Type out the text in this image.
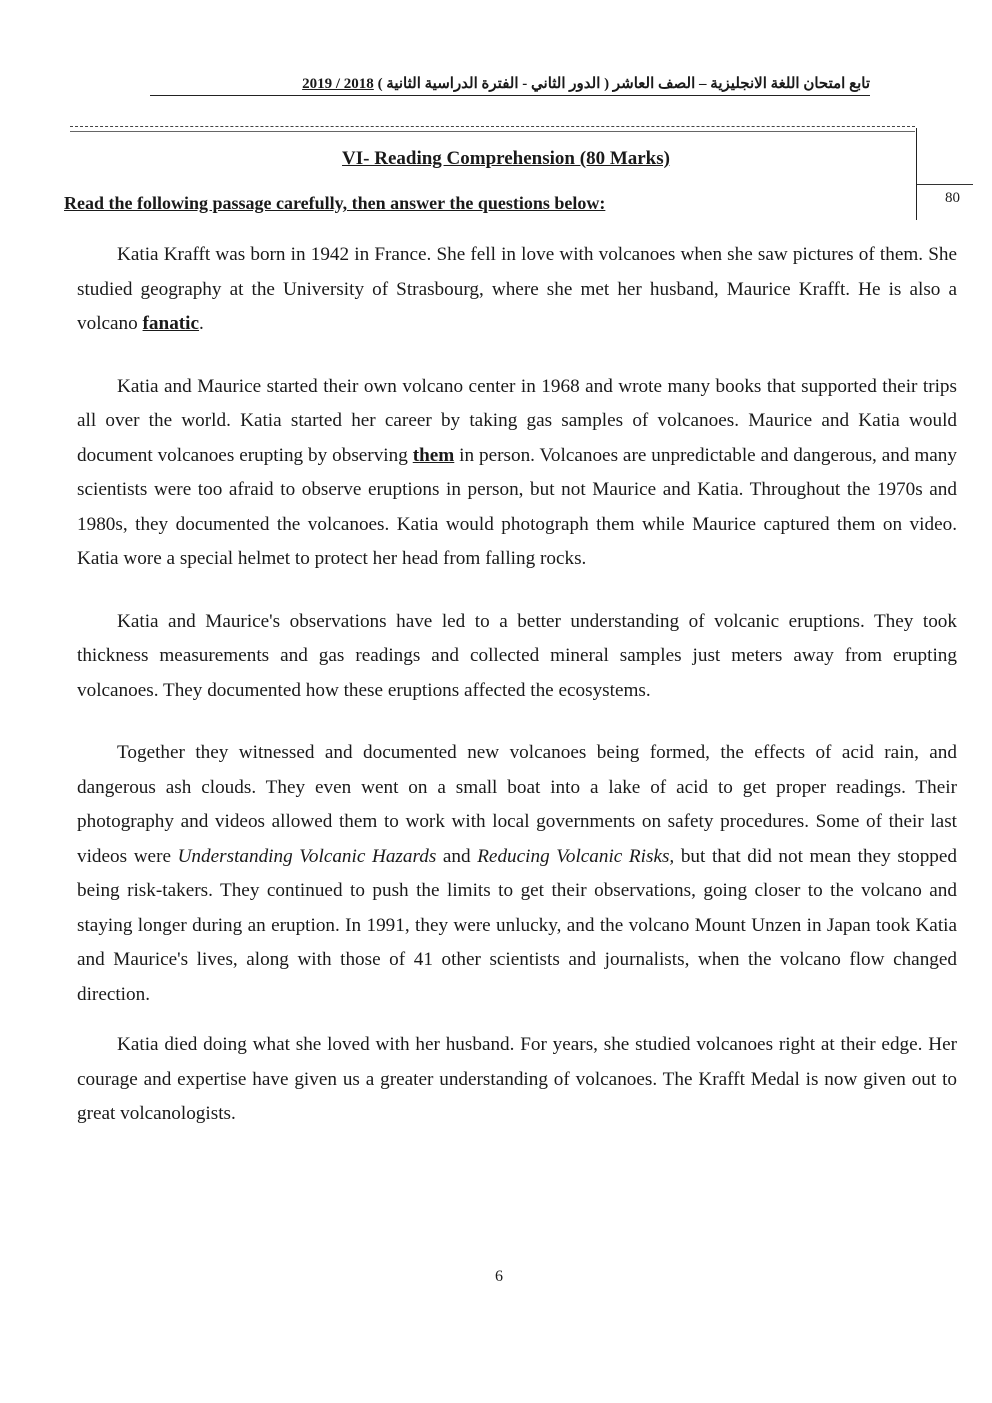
تابع امتحان اللغة الانجليزية – الصف العاشر ( الدور الثاني - الفترة الدراسية الثانية ) 2019 / 2018
80
VI- Reading Comprehension (80 Marks)
Read the following passage carefully, then answer the questions below:

Katia Krafft was born in 1942 in France. She fell in love with volcanoes when she saw pictures of them. She studied geography at the University of Strasbourg, where she met her husband, Maurice Krafft. He is also a volcano fanatic.

Katia and Maurice started their own volcano center in 1968 and wrote many books that supported their trips all over the world. Katia started her career by taking gas samples of volcanoes. Maurice and Katia would document volcanoes erupting by observing them in person. Volcanoes are unpredictable and dangerous, and many scientists were too afraid to observe eruptions in person, but not Maurice and Katia. Throughout the 1970s and 1980s, they documented the volcanoes. Katia would photograph them while Maurice captured them on video. Katia wore a special helmet to protect her head from falling rocks.

Katia and Maurice's observations have led to a better understanding of volcanic eruptions. They took thickness measurements and gas readings and collected mineral samples just meters away from erupting volcanoes. They documented how these eruptions affected the ecosystems.

Together they witnessed and documented new volcanoes being formed, the effects of acid rain, and dangerous ash clouds. They even went on a small boat into a lake of acid to get proper readings. Their photography and videos allowed them to work with local governments on safety procedures. Some of their last videos were Understanding Volcanic Hazards and Reducing Volcanic Risks, but that did not mean they stopped being risk-takers. They continued to push the limits to get their observations, going closer to the volcano and staying longer during an eruption. In 1991, they were unlucky, and the volcano Mount Unzen in Japan took Katia and Maurice's lives, along with those of 41 other scientists and journalists, when the volcano flow changed direction.

Katia died doing what she loved with her husband. For years, she studied volcanoes right at their edge. Her courage and expertise have given us a greater understanding of volcanoes. The Krafft Medal is now given out to great volcanologists.

6
